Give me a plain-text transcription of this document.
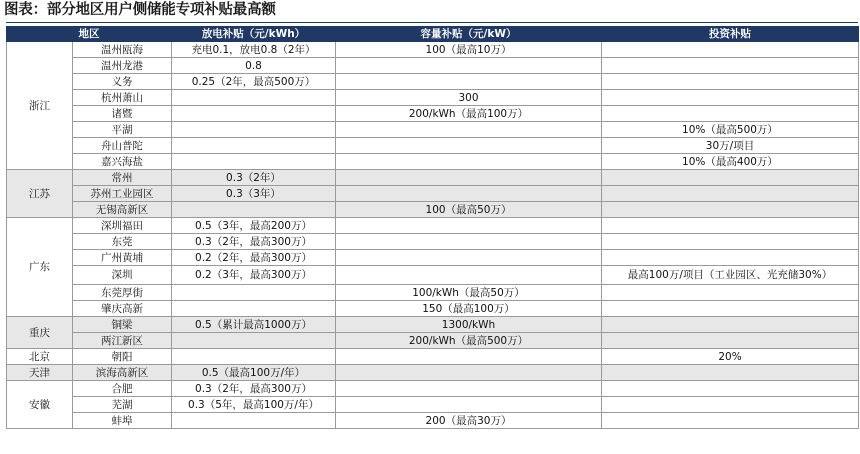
图表：部分地区用户侧储能专项补贴最高额
地区		放电补贴（元/kWh）	容量补贴（元/kW）	投资补贴
浙江	温州瓯海	充电0.1，放电0.8（2年）	100（最高10万）	
	温州龙港	0.8		
	义务	0.25（2年，最高500万）		
	杭州萧山		300	
	诸暨		200/kWh（最高100万）	
	平湖			10%（最高500万）
	舟山普陀			30万/项目
	嘉兴海盐			10%（最高400万）
江苏	常州	0.3（2年）		
	苏州工业园区	0.3（3年）		
	无锡高新区		100（最高50万）	
广东	深圳福田	0.5（3年，最高200万）		
	东莞	0.3（2年，最高300万）		
	广州黄埔	0.2（2年，最高300万）		
	深圳	0.2（3年，最高300万）		最高100万/项目（工业园区、光充储30%）
	东莞厚街		100/kWh（最高50万）	
	肇庆高新		150（最高100万）	
重庆	铜梁	0.5（累计最高1000万）	1300/kWh	
	两江新区		200/kWh（最高500万）	
北京	朝阳			20%
天津	滨海高新区	0.5（最高100万/年）		
安徽	合肥	0.3（2年，最高300万）		
	芜湖	0.3（5年，最高100万/年）		
	蚌埠		200（最高30万）	
